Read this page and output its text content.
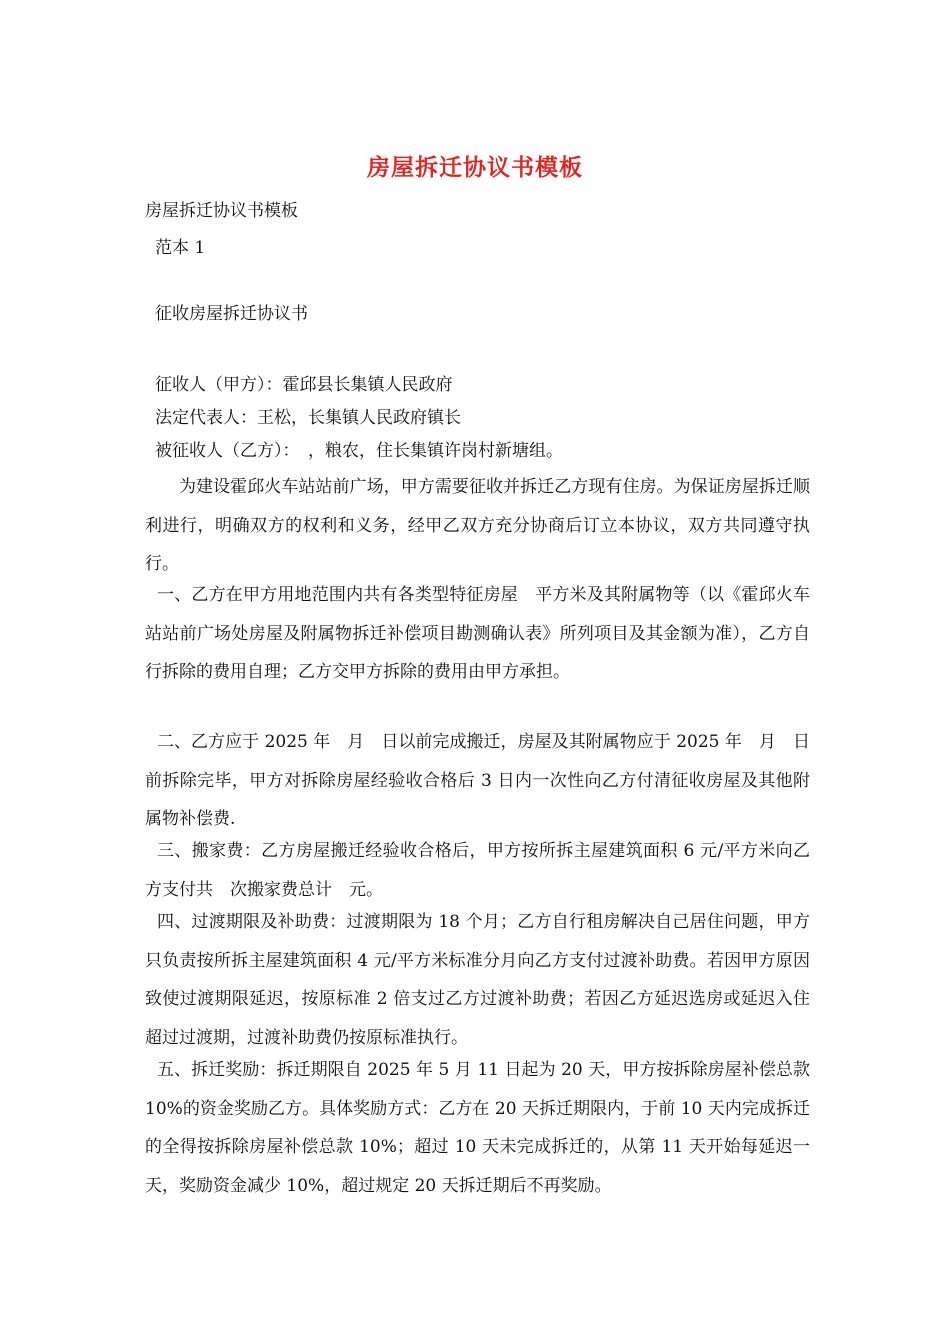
房屋拆迁协议书模板
房屋拆迁协议书模板
范本 1
征收房屋拆迁协议书
征收人（甲方）：霍邱县长集镇人民政府
法定代表人：王松，长集镇人民政府镇长
被征收人（乙方）：　，粮农，住长集镇许岗村新塘组。
为建设霍邱火车站站前广场，甲方需要征收并拆迁乙方现有住房。为保证房屋拆迁顺利进行，明确双方的权利和义务，经甲乙双方充分协商后订立本协议，双方共同遵守执行。
一、乙方在甲方用地范围内共有各类型特征房屋　平方米及其附属物等（以《霍邱火车站站前广场处房屋及附属物拆迁补偿项目勘测确认表》所列项目及其金额为准），乙方自行拆除的费用自理；乙方交甲方拆除的费用由甲方承担。
二、乙方应于 2025 年　月　日以前完成搬迁，房屋及其附属物应于 2025 年　月　日前拆除完毕，甲方对拆除房屋经验收合格后 3 日内一次性向乙方付清征收房屋及其他附属物补偿费.
三、搬家费：乙方房屋搬迁经验收合格后，甲方按所拆主屋建筑面积 6 元/平方米向乙方支付共　次搬家费总计　元。
四、过渡期限及补助费：过渡期限为 18 个月；乙方自行租房解决自己居住问题，甲方只负责按所拆主屋建筑面积 4 元/平方米标准分月向乙方支付过渡补助费。若因甲方原因致使过渡期限延迟，按原标准 2 倍支过乙方过渡补助费；若因乙方延迟选房或延迟入住超过过渡期，过渡补助费仍按原标准执行。
五、拆迁奖励：拆迁期限自 2025 年 5 月 11 日起为 20 天，甲方按拆除房屋补偿总款 10%的资金奖励乙方。具体奖励方式：乙方在 20 天拆迁期限内，于前 10 天内完成拆迁的全得按拆除房屋补偿总款 10%；超过 10 天未完成拆迁的，从第 11 天开始每延迟一天，奖励资金减少 10%，超过规定 20 天拆迁期后不再奖励。
